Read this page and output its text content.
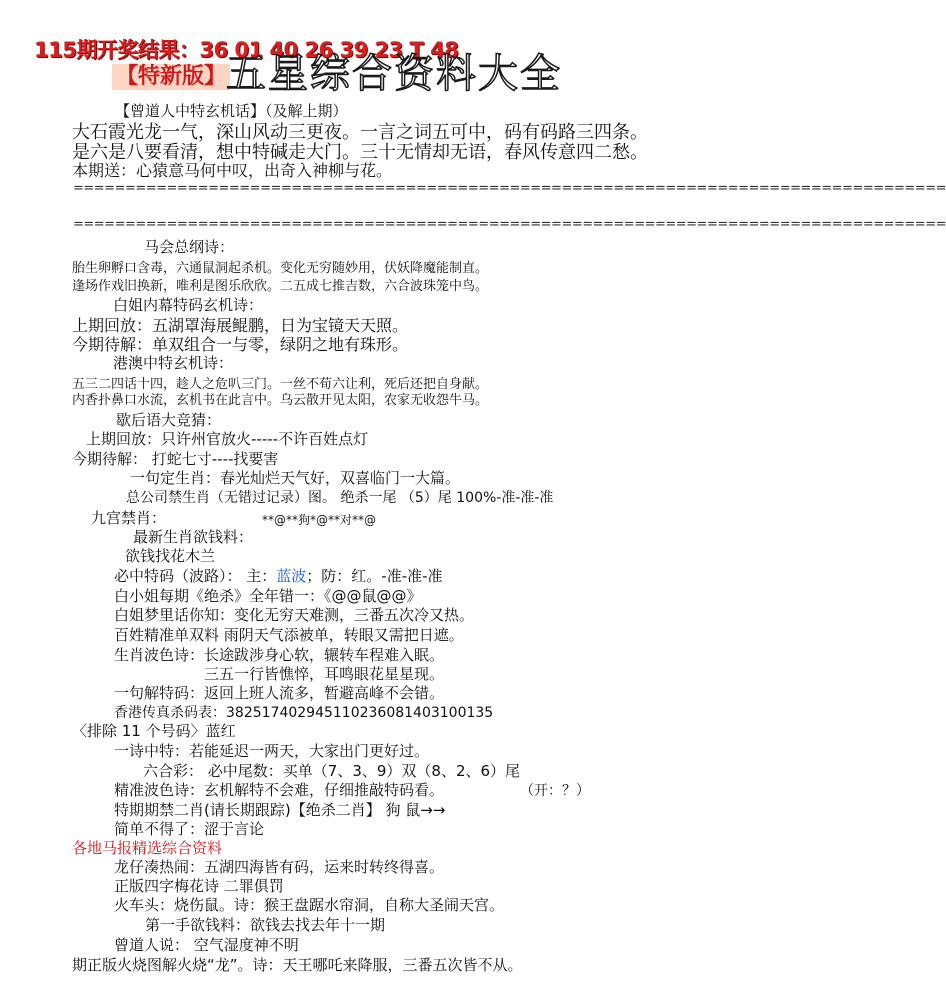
115期开奖结果：36 01 40 26 39 23 T 48
【特新版】 五星综合资料大全
【曾道人中特玄机话】（及解上期）
大石霞光龙一气，深山风动三更夜。一言之词五可中，码有码路三四条。
是六是八要看清，想中特碱走大门。三十无情却无语，春风传意四二愁。
本期送：心猿意马何中叹，出奇入神柳与花。
====================================================================================
====================================================================================
马会总纲诗：
胎生卵孵口含毒，六通鼠洞起杀机。变化无穷随妙用，伏妖降魔能制直。
逢场作戏旧换新，唯利是图乐欣欣。二五成七推吉数，六合波珠笼中鸟。
白姐内幕特码玄机诗：
上期回放：五湖罩海展鲲鹏，日为宝镜天天照。
今期待解：单双组合一与零，绿阴之地有珠形。
港澳中特玄机诗：
五三二四话十四，趁人之危叭三门。一丝不荀六让利，死后还把自身献。
内香扑鼻口水流，玄机书在此言中。乌云散开见太阳，农家无收怨牛马。
歇后语大竞猜：
上期回放：只许州官放火-----不许百姓点灯
今期待解： 打蛇七寸----找要害
一句定生肖：春光灿烂天气好，双喜临门一大篇。
总公司禁生肖（无错过记录）图。 绝杀一尾 （5）尾 100%-准-准-准
九宫禁肖：	**@**狗*@**对**@
最新生肖欲钱料：
欲钱找花木兰
必中特码（波路）： 主：蓝波；防：红。-准-准-准
白小姐每期《绝杀》全年错一：《@@鼠@@》
白姐梦里话你知：变化无穷天难测，三番五次冷又热。
百姓精准单双料 雨阴天气添被单，转眼又需把日遮。
生肖波色诗：长途跋涉身心软，辗转车程难入眠。
三五一行皆憔悴，耳鸣眼花星星现。
一句解特码：返回上班人流多，暂避高峰不会错。
香港传真杀码表：38251740294511023608140310013​5
〈排除 11 个号码〉蓝红
一诗中特：若能延迟一两天，大家出门更好过。
六合彩： 必中尾数：买单（7、3、9）双（8、2、6）尾
精准波色诗：玄机解特不会难，仔细推敲特码看。	（开：？）
特期期禁二肖(请长期跟踪)【绝杀二肖】 狗 鼠→→
简单不得了：涩于言论
各地马报精选综合资料
龙仔凑热闹：五湖四海皆有码，运来时转终得喜。
正版四字梅花诗 二罪俱罚
火车头：烧伤鼠。诗：猴王盘踞水帘洞，自称大圣闹天宫。
第一手欲钱料：欲钱去找去年十一期
曾道人说： 空气湿度神不明
期正版火烧图解火烧“龙”。诗：天王哪吒来降服，三番五次皆不从。
